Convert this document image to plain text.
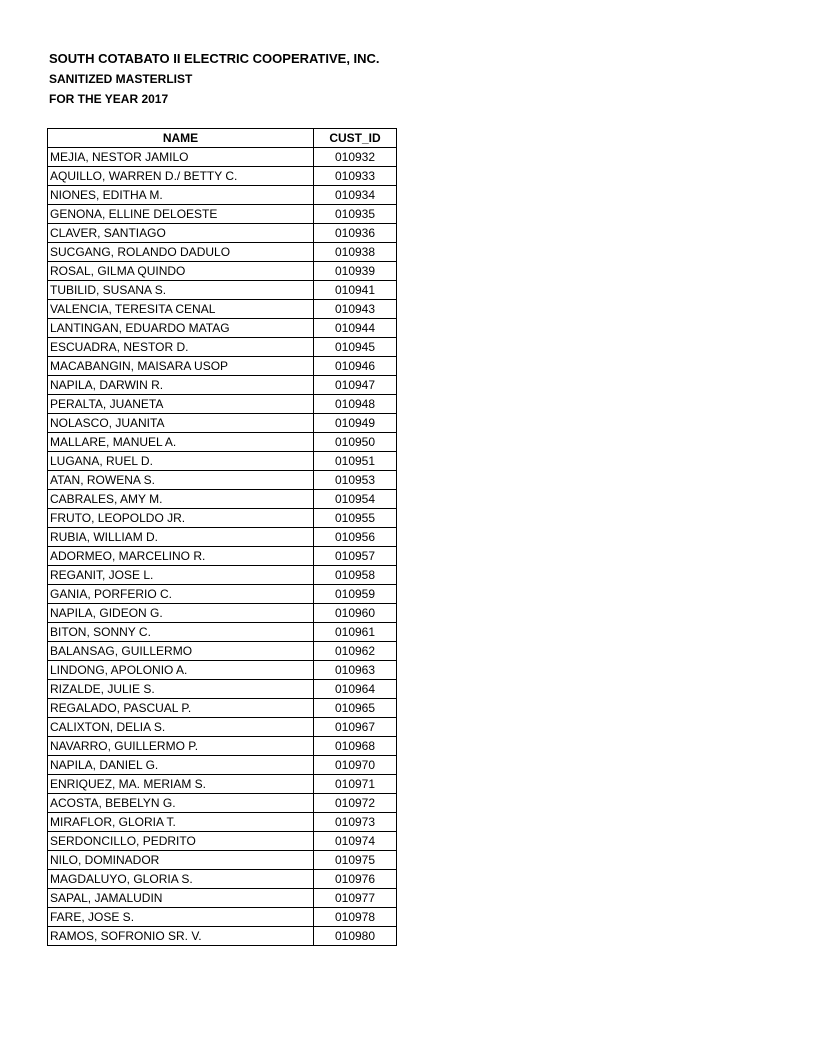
SOUTH COTABATO II ELECTRIC COOPERATIVE, INC.
SANITIZED MASTERLIST
FOR THE YEAR 2017
NAME	CUST_ID
MEJIA, NESTOR JAMILO	010932
AQUILLO, WARREN D./ BETTY C.	010933
NIONES, EDITHA M.	010934
GENONA, ELLINE DELOESTE	010935
CLAVER, SANTIAGO	010936
SUCGANG, ROLANDO DADULO	010938
ROSAL, GILMA QUINDO	010939
TUBILID, SUSANA S.	010941
VALENCIA, TERESITA CENAL	010943
LANTINGAN, EDUARDO MATAG	010944
ESCUADRA, NESTOR D.	010945
MACABANGIN, MAISARA USOP	010946
NAPILA, DARWIN R.	010947
PERALTA, JUANETA	010948
NOLASCO, JUANITA	010949
MALLARE, MANUEL A.	010950
LUGANA, RUEL D.	010951
ATAN, ROWENA S.	010953
CABRALES, AMY M.	010954
FRUTO, LEOPOLDO JR.	010955
RUBIA, WILLIAM D.	010956
ADORMEO, MARCELINO R.	010957
REGANIT, JOSE L.	010958
GANIA, PORFERIO C.	010959
NAPILA, GIDEON G.	010960
BITON, SONNY C.	010961
BALANSAG, GUILLERMO	010962
LINDONG, APOLONIO A.	010963
RIZALDE, JULIE S.	010964
REGALADO, PASCUAL P.	010965
CALIXTON, DELIA S.	010967
NAVARRO, GUILLERMO P.	010968
NAPILA, DANIEL G.	010970
ENRIQUEZ, MA. MERIAM S.	010971
ACOSTA, BEBELYN G.	010972
MIRAFLOR, GLORIA T.	010973
SERDONCILLO, PEDRITO	010974
NILO, DOMINADOR	010975
MAGDALUYO, GLORIA S.	010976
SAPAL, JAMALUDIN	010977
FARE, JOSE S.	010978
RAMOS, SOFRONIO SR. V.	010980
